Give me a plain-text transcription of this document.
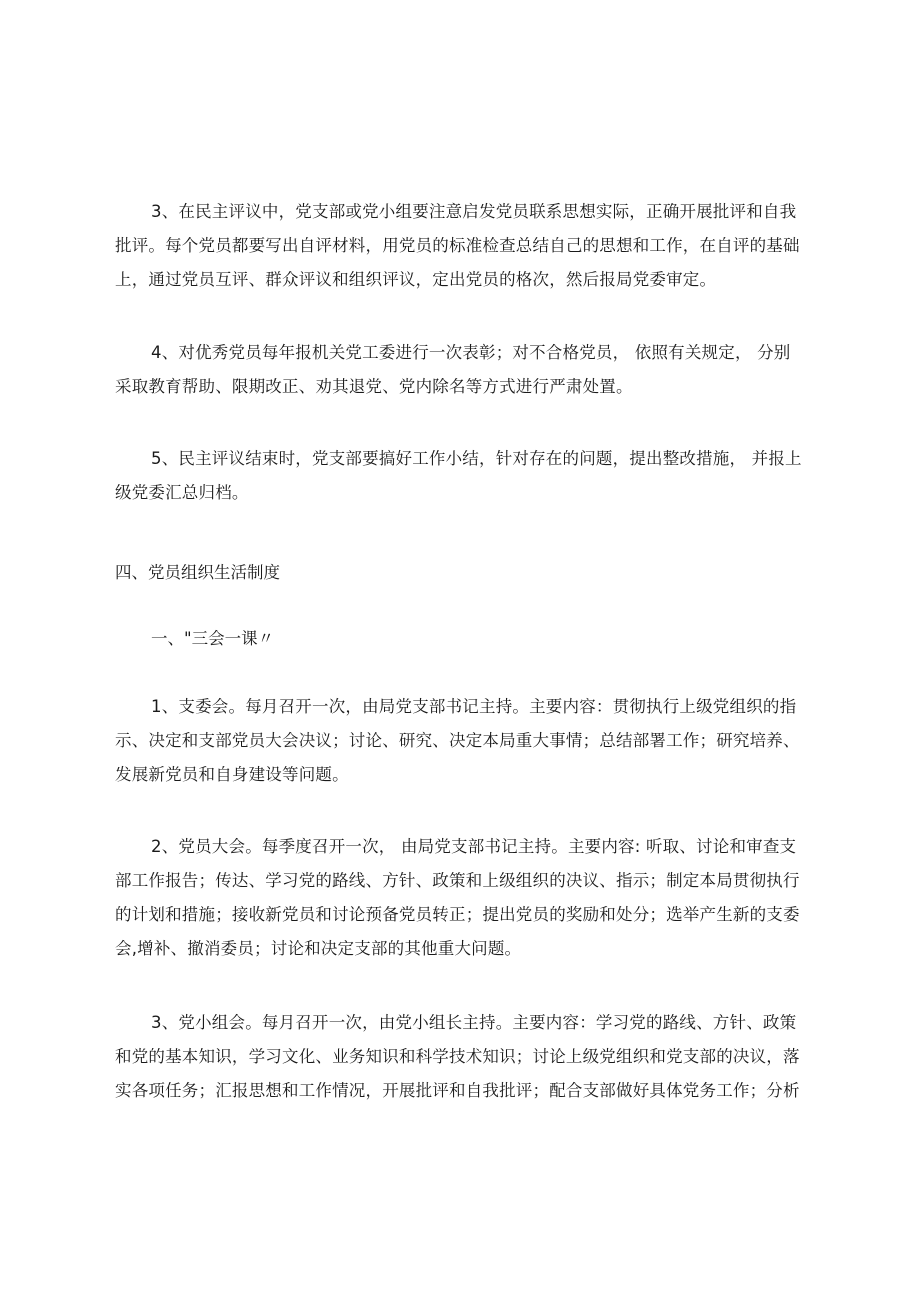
3、在民主评议中，党支部或党小组要注意启发党员联系思想实际，正确开展批评和自我
批评。每个党员都要写出自评材料，用党员的标准检查总结自己的思想和工作，在自评的基础
上，通过党员互评、群众评议和组织评议，定出党员的格次，然后报局党委审定。

4、对优秀党员每年报机关党工委进行一次表彰；对不合格党员， 依照有关规定， 分别
采取教育帮助、限期改正、劝其退党、党内除名等方式进行严肃处置。

5、民主评议结束时，党支部要搞好工作小结，针对存在的问题，提出整改措施， 并报上
级党委汇总归档。

四、党员组织生活制度
一、"三会一课〃

1、支委会。每月召开一次，由局党支部书记主持。主要内容：贯彻执行上级党组织的指
示、决定和支部党员大会决议；讨论、研究、决定本局重大事情；总结部署工作；研究培养、
发展新党员和自身建设等问题。

2、党员大会。每季度召开一次， 由局党支部书记主持。主要内容: 听取、讨论和审查支
部工作报告；传达、学习党的路线、方针、政策和上级组织的决议、指示；制定本局贯彻执行
的计划和措施；接收新党员和讨论预备党员转正；提出党员的奖励和处分；选举产生新的支委
会,增补、撤消委员；讨论和决定支部的其他重大问题。

3、党小组会。每月召开一次，由党小组长主持。主要内容：学习党的路线、方针、政策
和党的基本知识，学习文化、业务知识和科学技术知识；讨论上级党组织和党支部的决议，落
实各项任务；汇报思想和工作情况，开展批评和自我批评；配合支部做好具体党务工作；分析
